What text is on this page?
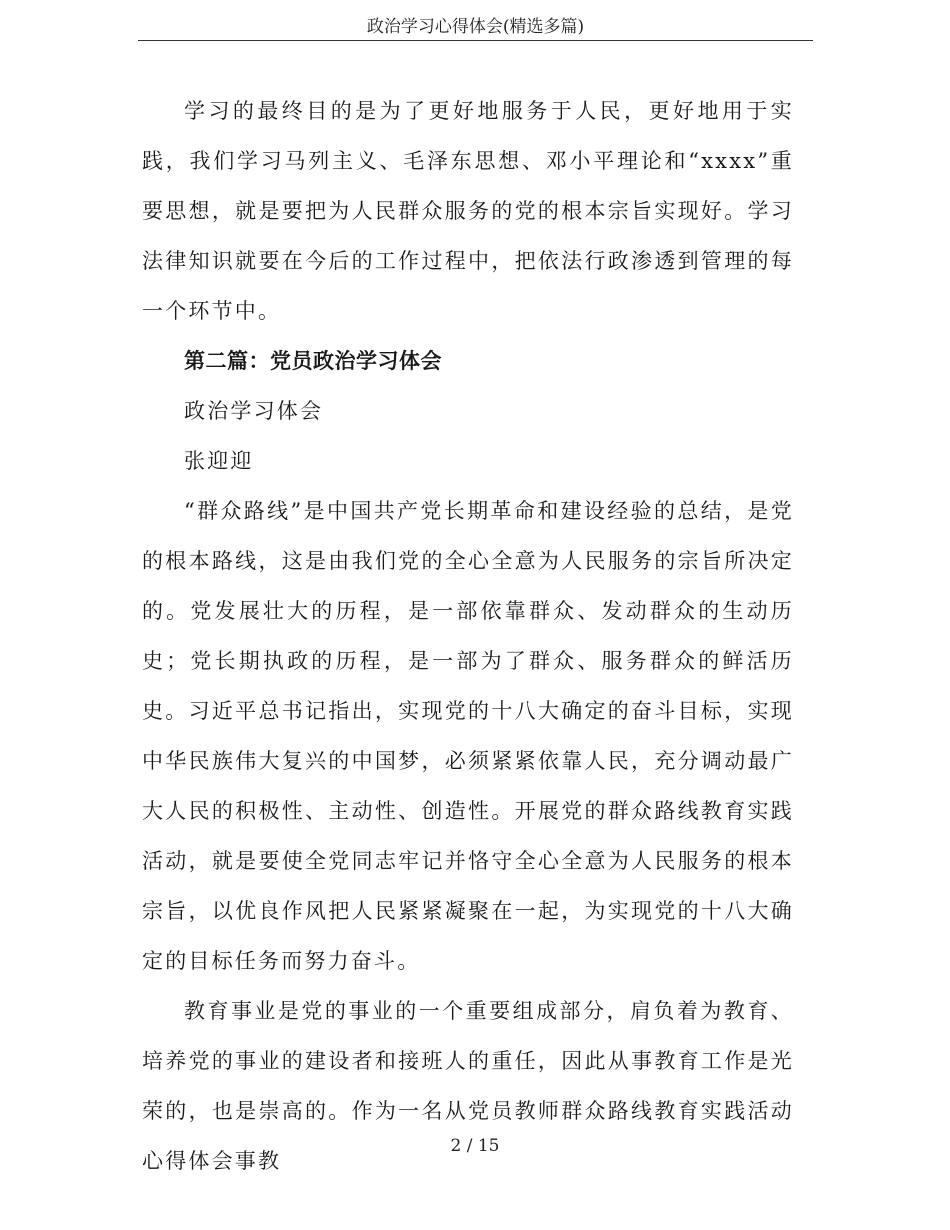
政治学习心得体会(精选多篇)

学习的最终目的是为了更好地服务于人民，更好地用于实践，我们学习马列主义、毛泽东思想、邓小平理论和“xxxx”重要思想，就是要把为人民群众服务的党的根本宗旨实现好。学习法律知识就要在今后的工作过程中，把依法行政渗透到管理的每一个环节中。

第二篇：党员政治学习体会

政治学习体会

张迎迎

“群众路线”是中国共产党长期革命和建设经验的总结，是党的根本路线，这是由我们党的全心全意为人民服务的宗旨所决定的。党发展壮大的历程，是一部依靠群众、发动群众的生动历史；党长期执政的历程，是一部为了群众、服务群众的鲜活历史。习近平总书记指出，实现党的十八大确定的奋斗目标，实现中华民族伟大复兴的中国梦，必须紧紧依靠人民，充分调动最广大人民的积极性、主动性、创造性。开展党的群众路线教育实践活动，就是要使全党同志牢记并恪守全心全意为人民服务的根本宗旨，以优良作风把人民紧紧凝聚在一起，为实现党的十八大确定的目标任务而努力奋斗。

教育事业是党的事业的一个重要组成部分，肩负着为教育、培养党的事业的建设者和接班人的重任，因此从事教育工作是光荣的，也是崇高的。作为一名从党员教师群众路线教育实践活动心得体会事教

2 / 15
